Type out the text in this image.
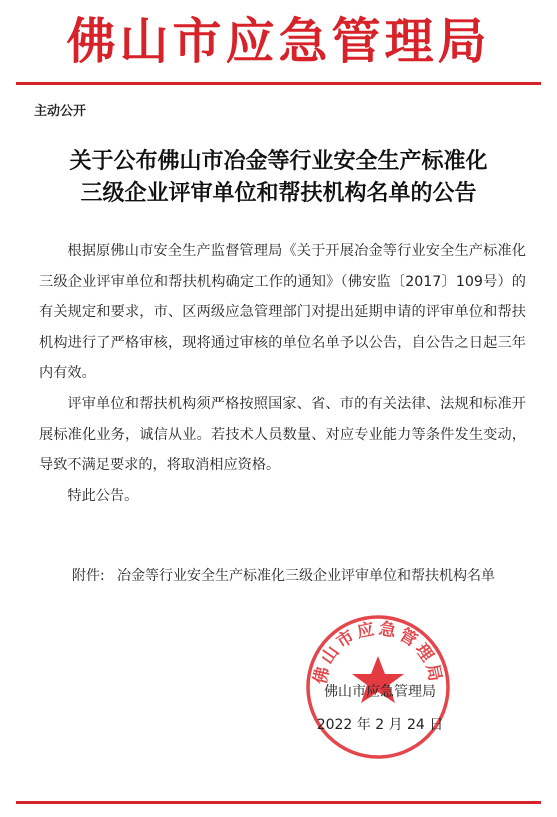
佛山市应急管理局
主动公开
关于公布佛山市冶金等行业安全生产标准化
三级企业评审单位和帮扶机构名单的公告

根据原佛山市安全生产监督管理局《关于开展冶金等行业安全生产标准化三级企业评审单位和帮扶机构确定工作的通知》（佛安监〔2017〕109号）的有关规定和要求，市、区两级应急管理部门对提出延期申请的评审单位和帮扶机构进行了严格审核，现将通过审核的单位名单予以公告，自公告之日起三年内有效。

评审单位和帮扶机构须严格按照国家、省、市的有关法律、法规和标准开展标准化业务，诚信从业。若技术人员数量、对应专业能力等条件发生变动，导致不满足要求的，将取消相应资格。

特此公告。

附件: 冶金等行业安全生产标准化三级企业评审单位和帮扶机构名单
佛山市应急管理局
佛山市应急管理局
2022 年 2 月 24 日
